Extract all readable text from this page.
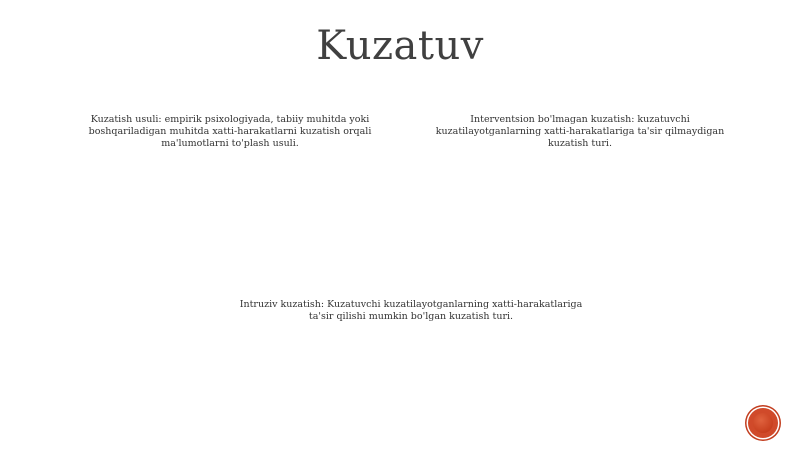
Kuzatuv

Kuzatish usuli: empirik psixologiyada, tabiiy muhitda yoki boshqariladigan muhitda xatti-harakatlarni kuzatish orqali ma'lumotlarni to'plash usuli.

Interventsion bo'lmagan kuzatish: kuzatuvchi kuzatilayotganlarning xatti-harakatlariga ta'sir qilmaydigan kuzatish turi.

Intruziv kuzatish: Kuzatuvchi kuzatilayotganlarning xatti-harakatlariga ta'sir qilishi mumkin bo'lgan kuzatish turi.
